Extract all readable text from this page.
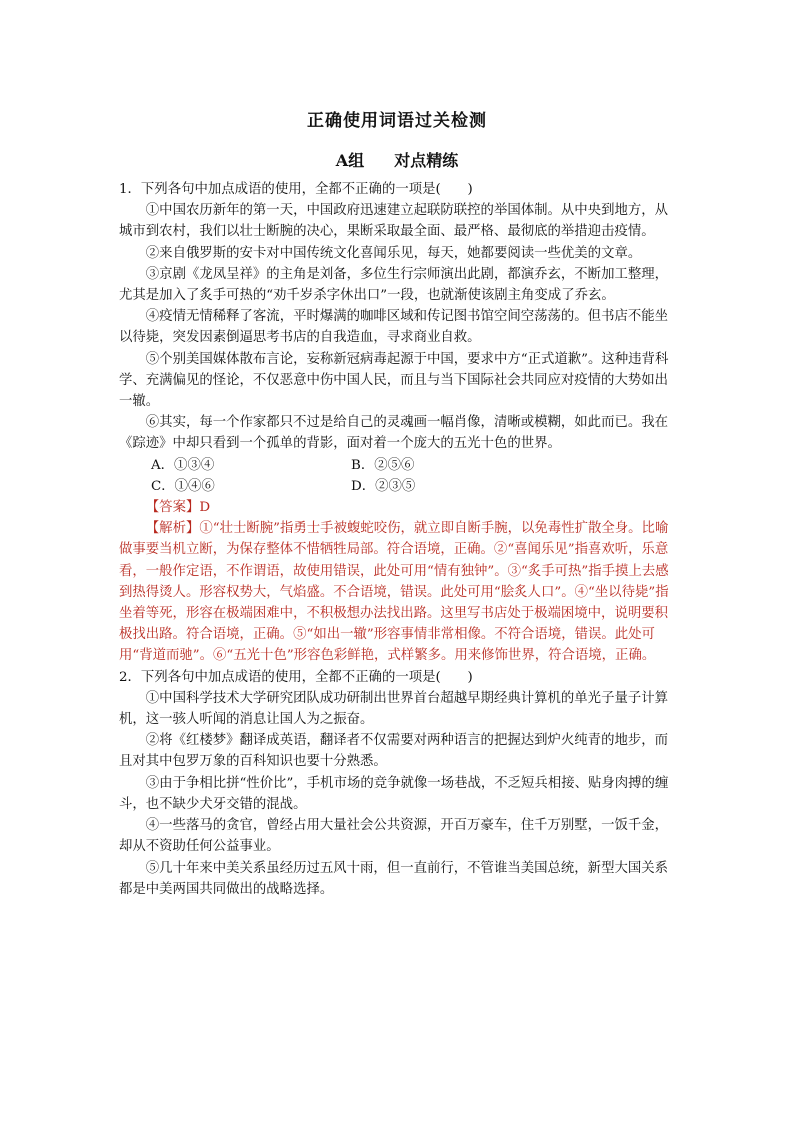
正确使用词语过关检测
A组 对点精练

1．下列各句中加点成语的使用，全都不正确的一项是(　　)

①中国农历新年的第一天，中国政府迅速建立起联防联控的举国体制。从中央到地方，从城市到农村，我们以壮士断腕的决心，果断采取最全面、最严格、最彻底的举措迎击疫情。

②来自俄罗斯的安卡对中国传统文化喜闻乐见，每天，她都要阅读一些优美的文章。

③京剧《龙凤呈祥》的主角是刘备，多位生行宗师演出此剧，都演乔玄，不断加工整理，尤其是加入了炙手可热的“劝千岁杀字休出口”一段，也就渐使该剧主角变成了乔玄。

④疫情无情稀释了客流，平时爆满的咖啡区域和传记图书馆空间空荡荡的。但书店不能坐以待毙，突发因素倒逼思考书店的自我造血，寻求商业自救。

⑤个别美国媒体散布言论，妄称新冠病毒起源于中国，要求中方“正式道歉”。这种违背科学、充满偏见的怪论，不仅恶意中伤中国人民，而且与当下国际社会共同应对疫情的大势如出一辙。

⑥其实，每一个作家都只不过是给自己的灵魂画一幅肖像，清晰或模糊，如此而已。我在《踪迹》中却只看到一个孤单的背影，面对着一个庞大的五光十色的世界。

A．①③④	B．②⑤⑥
C．①④⑥	D．②③⑤

【答案】D

【解析】①“壮士断腕”指勇士手被蝮蛇咬伤，就立即自断手腕，以免毒性扩散全身。比喻做事要当机立断，为保存整体不惜牺牲局部。符合语境，正确。②“喜闻乐见”指喜欢听，乐意看，一般作定语，不作谓语，故使用错误，此处可用“情有独钟”。③“炙手可热”指手摸上去感到热得烫人。形容权势大，气焰盛。不合语境，错误。此处可用“脍炙人口”。④“坐以待毙”指坐着等死，形容在极端困难中，不积极想办法找出路。这里写书店处于极端困境中，说明要积极找出路。符合语境，正确。⑤“如出一辙”形容事情非常相像。不符合语境，错误。此处可用“背道而驰”。⑥“五光十色”形容色彩鲜艳，式样繁多。用来修饰世界，符合语境，正确。

2．下列各句中加点成语的使用，全都不正确的一项是(　　)

①中国科学技术大学研究团队成功研制出世界首台超越早期经典计算机的单光子量子计算机，这一骇人听闻的消息让国人为之振奋。

②将《红楼梦》翻译成英语，翻译者不仅需要对两种语言的把握达到炉火纯青的地步，而且对其中包罗万象的百科知识也要十分熟悉。

③由于争相比拼“性价比”，手机市场的竞争就像一场巷战，不乏短兵相接、贴身肉搏的缠斗，也不缺少犬牙交错的混战。

④一些落马的贪官，曾经占用大量社会公共资源，开百万豪车，住千万别墅，一饭千金，却从不资助任何公益事业。

⑤几十年来中美关系虽经历过五风十雨，但一直前行，不管谁当美国总统，新型大国关系都是中美两国共同做出的战略选择。
